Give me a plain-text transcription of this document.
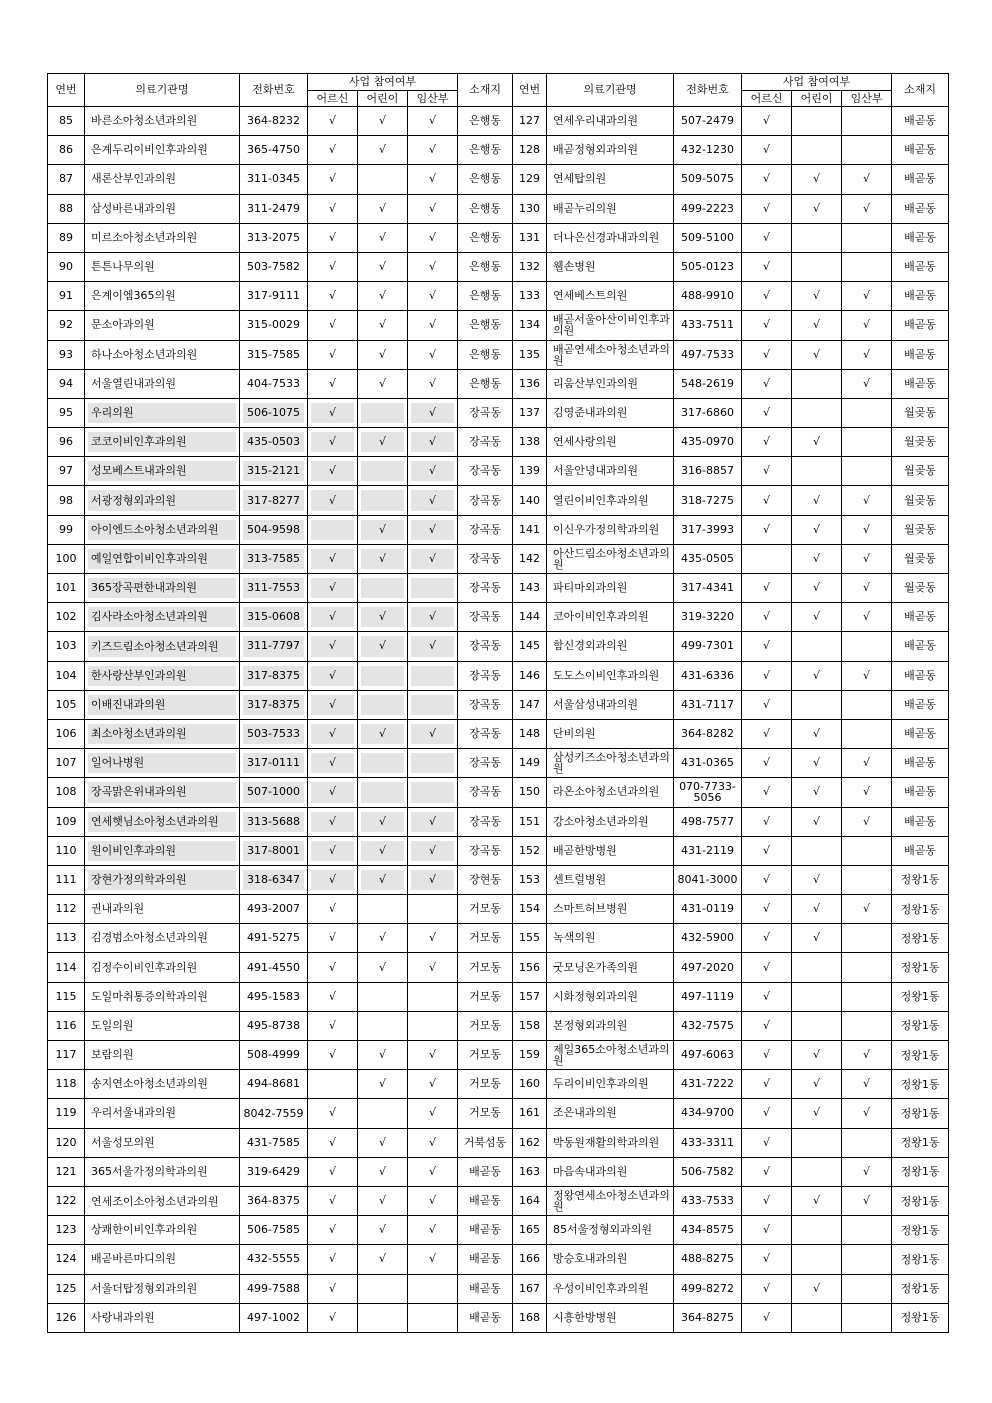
연번	의료기관명	전화번호	사업 참여여부			소재지	연번	의료기관명	전화번호	사업 참여여부			소재지
			어르신	어린이	임산부					어르신	어린이	임산부	
85	바른소아청소년과의원	364-8232	√	√	√	은행동	127	연세우리내과의원	507-2479	√			배곧동
86	은계두리이비인후과의원	365-4750	√	√	√	은행동	128	배곧정형외과의원	432-1230	√			배곧동
87	새론산부인과의원	311-0345	√		√	은행동	129	연세탑의원	509-5075	√	√	√	배곧동
88	삼성바른내과의원	311-2479	√	√	√	은행동	130	배곧누리의원	499-2223	√	√	√	배곧동
89	미르소아청소년과의원	313-2075	√	√	√	은행동	131	더나은신경과내과의원	509-5100	√			배곧동
90	튼튼나무의원	503-7582	√	√	√	은행동	132	웰손병원	505-0123	√			배곧동
91	은계이엠365의원	317-9111	√	√	√	은행동	133	연세베스트의원	488-9910	√	√	√	배곧동
92	문소아과의원	315-0029	√	√	√	은행동	134	배곧서울아산이비인후과의원	433-7511	√	√	√	배곧동
93	하나소아청소년과의원	315-7585	√	√	√	은행동	135	배곧연세소아청소년과의원	497-7533	√	√	√	배곧동
94	서울열린내과의원	404-7533	√	√	√	은행동	136	리움산부인과의원	548-2619	√		√	배곧동
95	우리의원	506-1075	√		√	장곡동	137	김영준내과의원	317-6860	√			월곶동
96	코코이비인후과의원	435-0503	√	√	√	장곡동	138	연세사랑의원	435-0970	√	√		월곶동
97	성모베스트내과의원	315-2121	√		√	장곡동	139	서울안녕내과의원	316-8857	√			월곶동
98	서광정형외과의원	317-8277	√		√	장곡동	140	열린이비인후과의원	318-7275	√	√	√	월곶동
99	아이엔드소아청소년과의원	504-9598		√	√	장곡동	141	이신우가정의학과의원	317-3993	√	√	√	월곶동
100	예일연합이비인후과의원	313-7585	√	√	√	장곡동	142	아산드림소아청소년과의원	435-0505		√	√	월곶동
101	365장곡편한내과의원	311-7553	√			장곡동	143	파티마외과의원	317-4341	√	√	√	월곶동
102	김사라소아청소년과의원	315-0608	√	√	√	장곡동	144	코아이비인후과의원	319-3220	√	√	√	배곧동
103	키즈드림소아청소년과의원	311-7797	√	√	√	장곡동	145	함신경외과의원	499-7301	√			배곧동
104	한사랑산부인과의원	317-8375	√			장곡동	146	도도스이비인후과의원	431-6336	√	√	√	배곧동
105	이배진내과의원	317-8375	√			장곡동	147	서울삼성내과의원	431-7117	√			배곧동
106	최소아청소년과의원	503-7533	√	√	√	장곡동	148	단비의원	364-8282	√	√		배곧동
107	일어나병원	317-0111	√			장곡동	149	삼성키즈소아청소년과의원	431-0365	√	√	√	배곧동
108	장곡맑은위내과의원	507-1000	√			장곡동	150	라온소아청소년과의원	070-7733-5056	√	√	√	배곧동
109	연세햇님소아청소년과의원	313-5688	√	√	√	장곡동	151	강소아청소년과의원	498-7577	√	√	√	배곧동
110	원이비인후과의원	317-8001	√	√	√	장곡동	152	배곧한방병원	431-2119	√			배곧동
111	장현가정의학과의원	318-6347	√	√	√	장현동	153	센트럴병원	8041-3000	√	√		정왕1동
112	권내과의원	493-2007	√			거모동	154	스마트허브병원	431-0119	√	√	√	정왕1동
113	김경범소아청소년과의원	491-5275	√	√	√	거모동	155	녹색의원	432-5900	√	√		정왕1동
114	김정수이비인후과의원	491-4550	√	√	√	거모동	156	굿모닝온가족의원	497-2020	√			정왕1동
115	도일마취통증의학과의원	495-1583	√			거모동	157	시화정형외과의원	497-1119	√			정왕1동
116	도일의원	495-8738	√			거모동	158	본정형외과의원	432-7575	√			정왕1동
117	보람의원	508-4999	√	√	√	거모동	159	제일365소아청소년과의원	497-6063	√	√	√	정왕1동
118	송지연소아청소년과의원	494-8681		√	√	거모동	160	두리이비인후과의원	431-7222	√	√	√	정왕1동
119	우리서울내과의원	8042-7559	√		√	거모동	161	조은내과의원	434-9700	√	√	√	정왕1동
120	서울성모의원	431-7585	√	√	√	거북섬동	162	박동원재활의학과의원	433-3311	√			정왕1동
121	365서울가정의학과의원	319-6429	√	√	√	배곧동	163	마음속내과의원	506-7582	√		√	정왕1동
122	연세조이소아청소년과의원	364-8375	√	√	√	배곧동	164	정왕연세소아청소년과의원	433-7533	√	√	√	정왕1동
123	상쾌한이비인후과의원	506-7585	√	√	√	배곧동	165	85서울정형외과의원	434-8575	√			정왕1동
124	배곧바른마디의원	432-5555	√	√	√	배곧동	166	방승호내과의원	488-8275	√			정왕1동
125	서울더탑정형외과의원	499-7588	√			배곧동	167	우성이비인후과의원	499-8272	√	√		정왕1동
126	사랑내과의원	497-1002	√			배곧동	168	시흥한방병원	364-8275	√			정왕1동
